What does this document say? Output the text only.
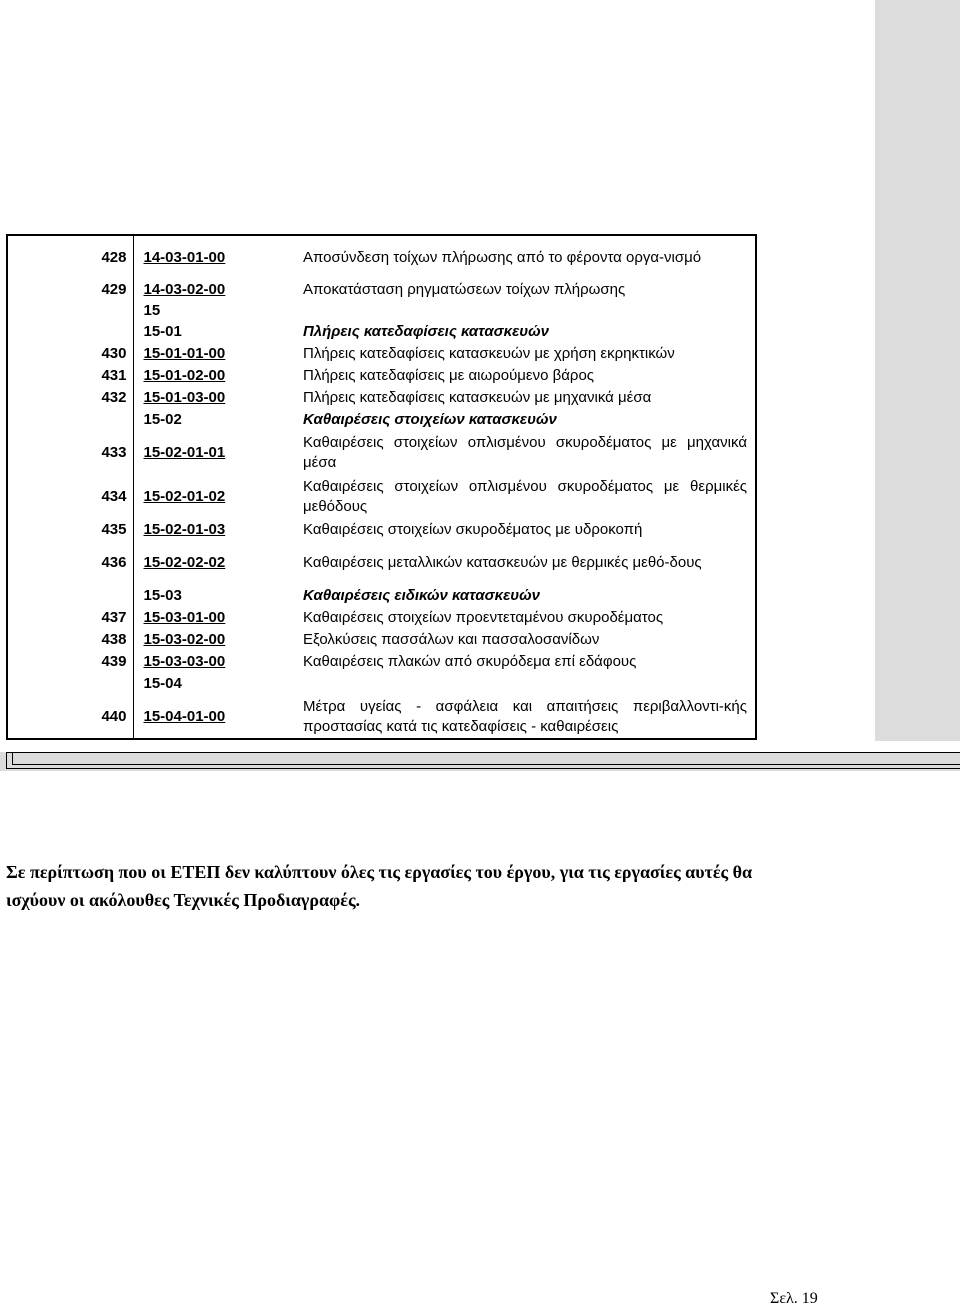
428	14-03-01-00	Αποσύνδεση τοίχων πλήρωσης από το φέροντα οργα-νισμό
429	14-03-02-00	Αποκατάσταση ρηγματώσεων τοίχων πλήρωσης
	15	
	15-01	Πλήρεις κατεδαφίσεις κατασκευών
430	15-01-01-00	Πλήρεις κατεδαφίσεις κατασκευών με χρήση εκρηκτικών
431	15-01-02-00	Πλήρεις κατεδαφίσεις με αιωρούμενο βάρος
432	15-01-03-00	Πλήρεις κατεδαφίσεις κατασκευών με μηχανικά μέσα
	15-02	Καθαιρέσεις στοιχείων κατασκευών
433	15-02-01-01	Καθαιρέσεις στοιχείων οπλισμένου σκυροδέματος με μηχανικά μέσα
434	15-02-01-02	Καθαιρέσεις στοιχείων οπλισμένου σκυροδέματος με θερμικές μεθόδους
435	15-02-01-03	Καθαιρέσεις στοιχείων σκυροδέματος με υδροκοπή
436	15-02-02-02	Καθαιρέσεις μεταλλικών κατασκευών με θερμικές μεθό-δους
	15-03	Καθαιρέσεις ειδικών κατασκευών
437	15-03-01-00	Καθαιρέσεις στοιχείων προεντεταμένου σκυροδέματος
438	15-03-02-00	Εξολκύσεις πασσάλων και πασσαλοσανίδων
439	15-03-03-00	Καθαιρέσεις πλακών από σκυρόδεμα επί εδάφους
	15-04	
440	15-04-01-00	Μέτρα υγείας - ασφάλεια και απαιτήσεις περιβαλλοντι-κής προστασίας κατά τις κατεδαφίσεις - καθαιρέσεις
Σε περίπτωση που οι ΕΤΕΠ δεν καλύπτουν όλες τις εργασίες του έργου, για τις εργασίες αυτές θα ισχύουν οι ακόλουθες Τεχνικές Προδιαγραφές.
Σελ. 19
